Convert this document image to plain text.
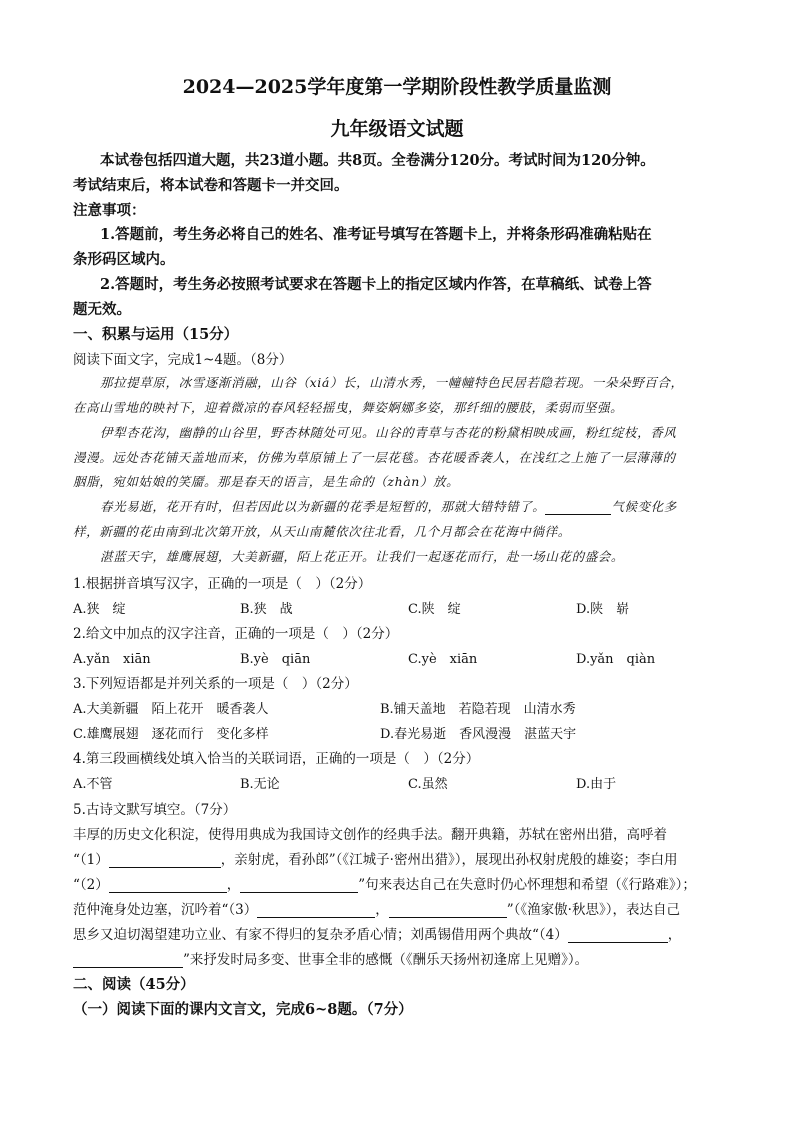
2024—2025学年度第一学期阶段性教学质量监测
九年级语文试题
本试卷包括四道大题，共23道小题。共8页。全卷满分120分。考试时间为120分钟。
考试结束后，将本试卷和答题卡一并交回。
注意事项：
1.答题前，考生务必将自己的姓名、准考证号填写在答题卡上，并将条形码准确粘贴在
条形码区域内。
2.答题时，考生务必按照考试要求在答题卡上的指定区域内作答，在草稿纸、试卷上答
题无效。
一、积累与运用（15分）
阅读下面文字，完成1~4题。（8分）
那拉提草原，冰雪逐渐消融，山谷（xiá）长，山清水秀，一幢幢特色民居若隐若现。一朵朵野百合，
在高山雪地的映衬下，迎着微凉的春风轻轻摇曳，舞姿婀娜多姿，那纤细的腰肢，柔弱而坚强。
伊犁杏花沟，幽静的山谷里，野杏林随处可见。山谷的青草与杏花的粉黛相映成画，粉红绽枝，香风
漫漫。远处杏花铺天盖地而来，仿佛为草原铺上了一层花毯。杏花暖香袭人，在浅红之上施了一层薄薄的
胭脂，宛如姑娘的笑靥。那是春天的语言，是生命的（zhàn）放。
春光易逝，花开有时，但若因此以为新疆的花季是短暂的，那就大错特错了。	气候变化多
样，新疆的花由南到北次第开放，从天山南麓依次往北看，几个月都会在花海中徜徉。
湛蓝天宇，雄鹰展翅，大美新疆，陌上花正开。让我们一起逐花而行，赴一场山花的盛会。
1.根据拼音填写汉字，正确的一项是（　）（2分）
A.狭　绽	B.狭　战	C.陕　绽	D.陕　崭
2.给文中加点的汉字注音，正确的一项是（　）（2分）
A.yǎn　xiān	B.yè　qiān	C.yè　xiān	D.yǎn　qiàn
3.下列短语都是并列关系的一项是（　）（2分）
A.大美新疆　陌上花开　暖香袭人	B.铺天盖地　若隐若现　山清水秀
C.雄鹰展翅　逐花而行　变化多样	D.春光易逝　香风漫漫　湛蓝天宇
4.第三段画横线处填入恰当的关联词语，正确的一项是（　）（2分）
A.不管	B.无论	C.虽然	D.由于
5.古诗文默写填空。（7分）
丰厚的历史文化积淀，使得用典成为我国诗文创作的经典手法。翻开典籍，苏轼在密州出猎，高呼着
“（1）	，亲射虎，看孙郎”（《江城子·密州出猎》），展现出孙权射虎般的雄姿；李白用
“（2）	，	”句来表达自己在失意时仍心怀理想和希望（《行路难》）；
范仲淹身处边塞，沉吟着“（3）	，	”（《渔家傲·秋思》），表达自己
思乡又迫切渴望建功立业、有家不得归的复杂矛盾心情；刘禹锡借用两个典故“（4）	，
”来抒发时局多变、世事全非的感慨（《酬乐天扬州初逢席上见赠》）。
二、阅读（45分）
（一）阅读下面的课内文言文，完成6~8题。（7分）
